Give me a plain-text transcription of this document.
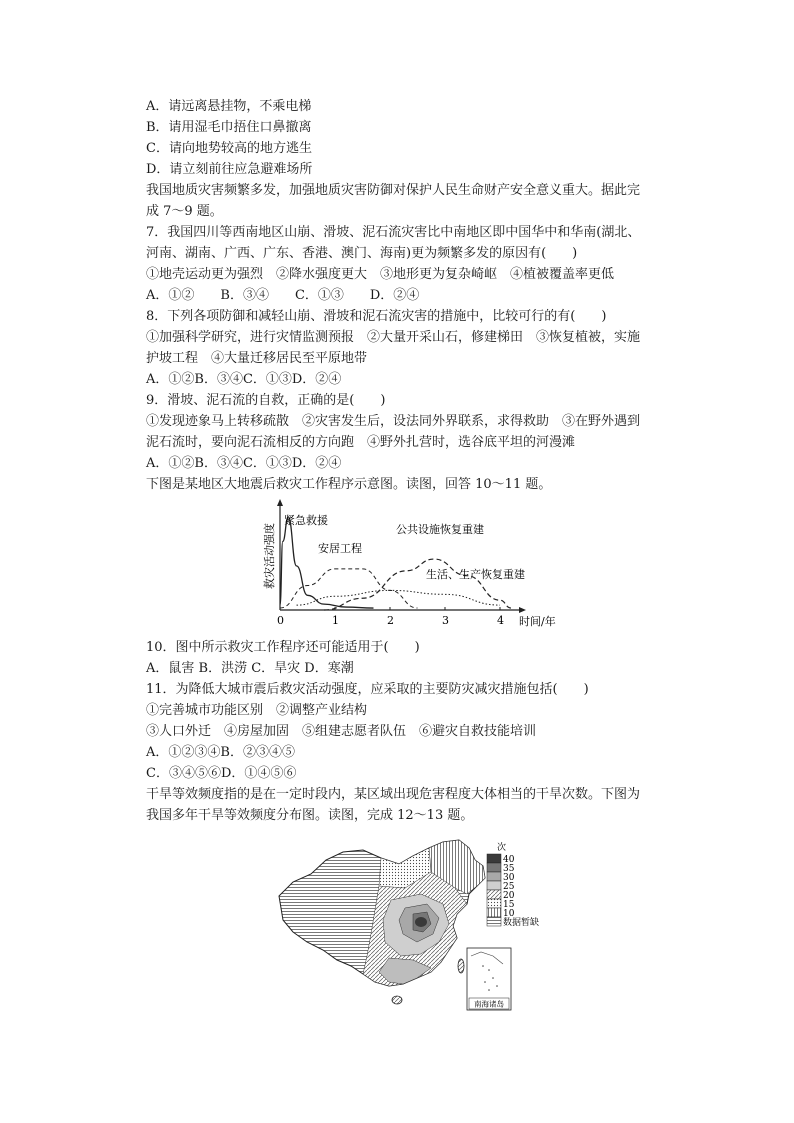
A．请远离悬挂物，不乘电梯
B．请用湿毛巾捂住口鼻撤离
C．请向地势较高的地方逃生
D．请立刻前往应急避难场所
我国地质灾害频繁多发，加强地质灾害防御对保护人民生命财产安全意义重大。据此完
成 7～9 题。
7．我国四川等西南地区山崩、滑坡、泥石流灾害比中南地区即中国华中和华南(湖北、
河南、湖南、广西、广东、香港、澳门、海南)更为频繁多发的原因有(　　)
①地壳运动更为强烈　②降水强度更大　③地形更为复杂崎岖　④植被覆盖率更低
A．①②　　B．③④　　C．①③　　D．②④
8．下列各项防御和减轻山崩、滑坡和泥石流灾害的措施中，比较可行的有(　　)
①加强科学研究，进行灾情监测预报　②大量开采山石，修建梯田　③恢复植被，实施
护坡工程　④大量迁移居民至平原地带
A．①②B．③④C．①③D．②④
9．滑坡、泥石流的自救，正确的是(　　)
①发现迹象马上转移疏散　②灾害发生后，设法同外界联系，求得救助　③在野外遇到
泥石流时，要向泥石流相反的方向跑　④野外扎营时，选谷底平坦的河漫滩
A．①②B．③④C．①③D．②④
下图是某地区大地震后救灾工作程序示意图。读图，回答 10～11 题。
救灾活动强度
时间/年
0	1	2	3	4
紧急救援
安居工程
公共设施恢复重建
生活、生产恢复重建
10．图中所示救灾工作程序还可能适用于(　　)
A．鼠害 B．洪涝 C．旱灾 D．寒潮
11．为降低大城市震后救灾活动强度，应采取的主要防灾减灾措施包括(　　)
①完善城市功能区别　②调整产业结构
③人口外迁　④房屋加固　⑤组建志愿者队伍　⑥避灾自救技能培训
A．①②③④B．②③④⑤
C．③④⑤⑥D．①④⑤⑥
干旱等效频度指的是在一定时段内，某区域出现危害程度大体相当的干旱次数。下图为
我国多年干旱等效频度分布图。读图，完成 12～13 题。
次
40
35
30
25
20
15
10
数据暂缺
南海诸岛
